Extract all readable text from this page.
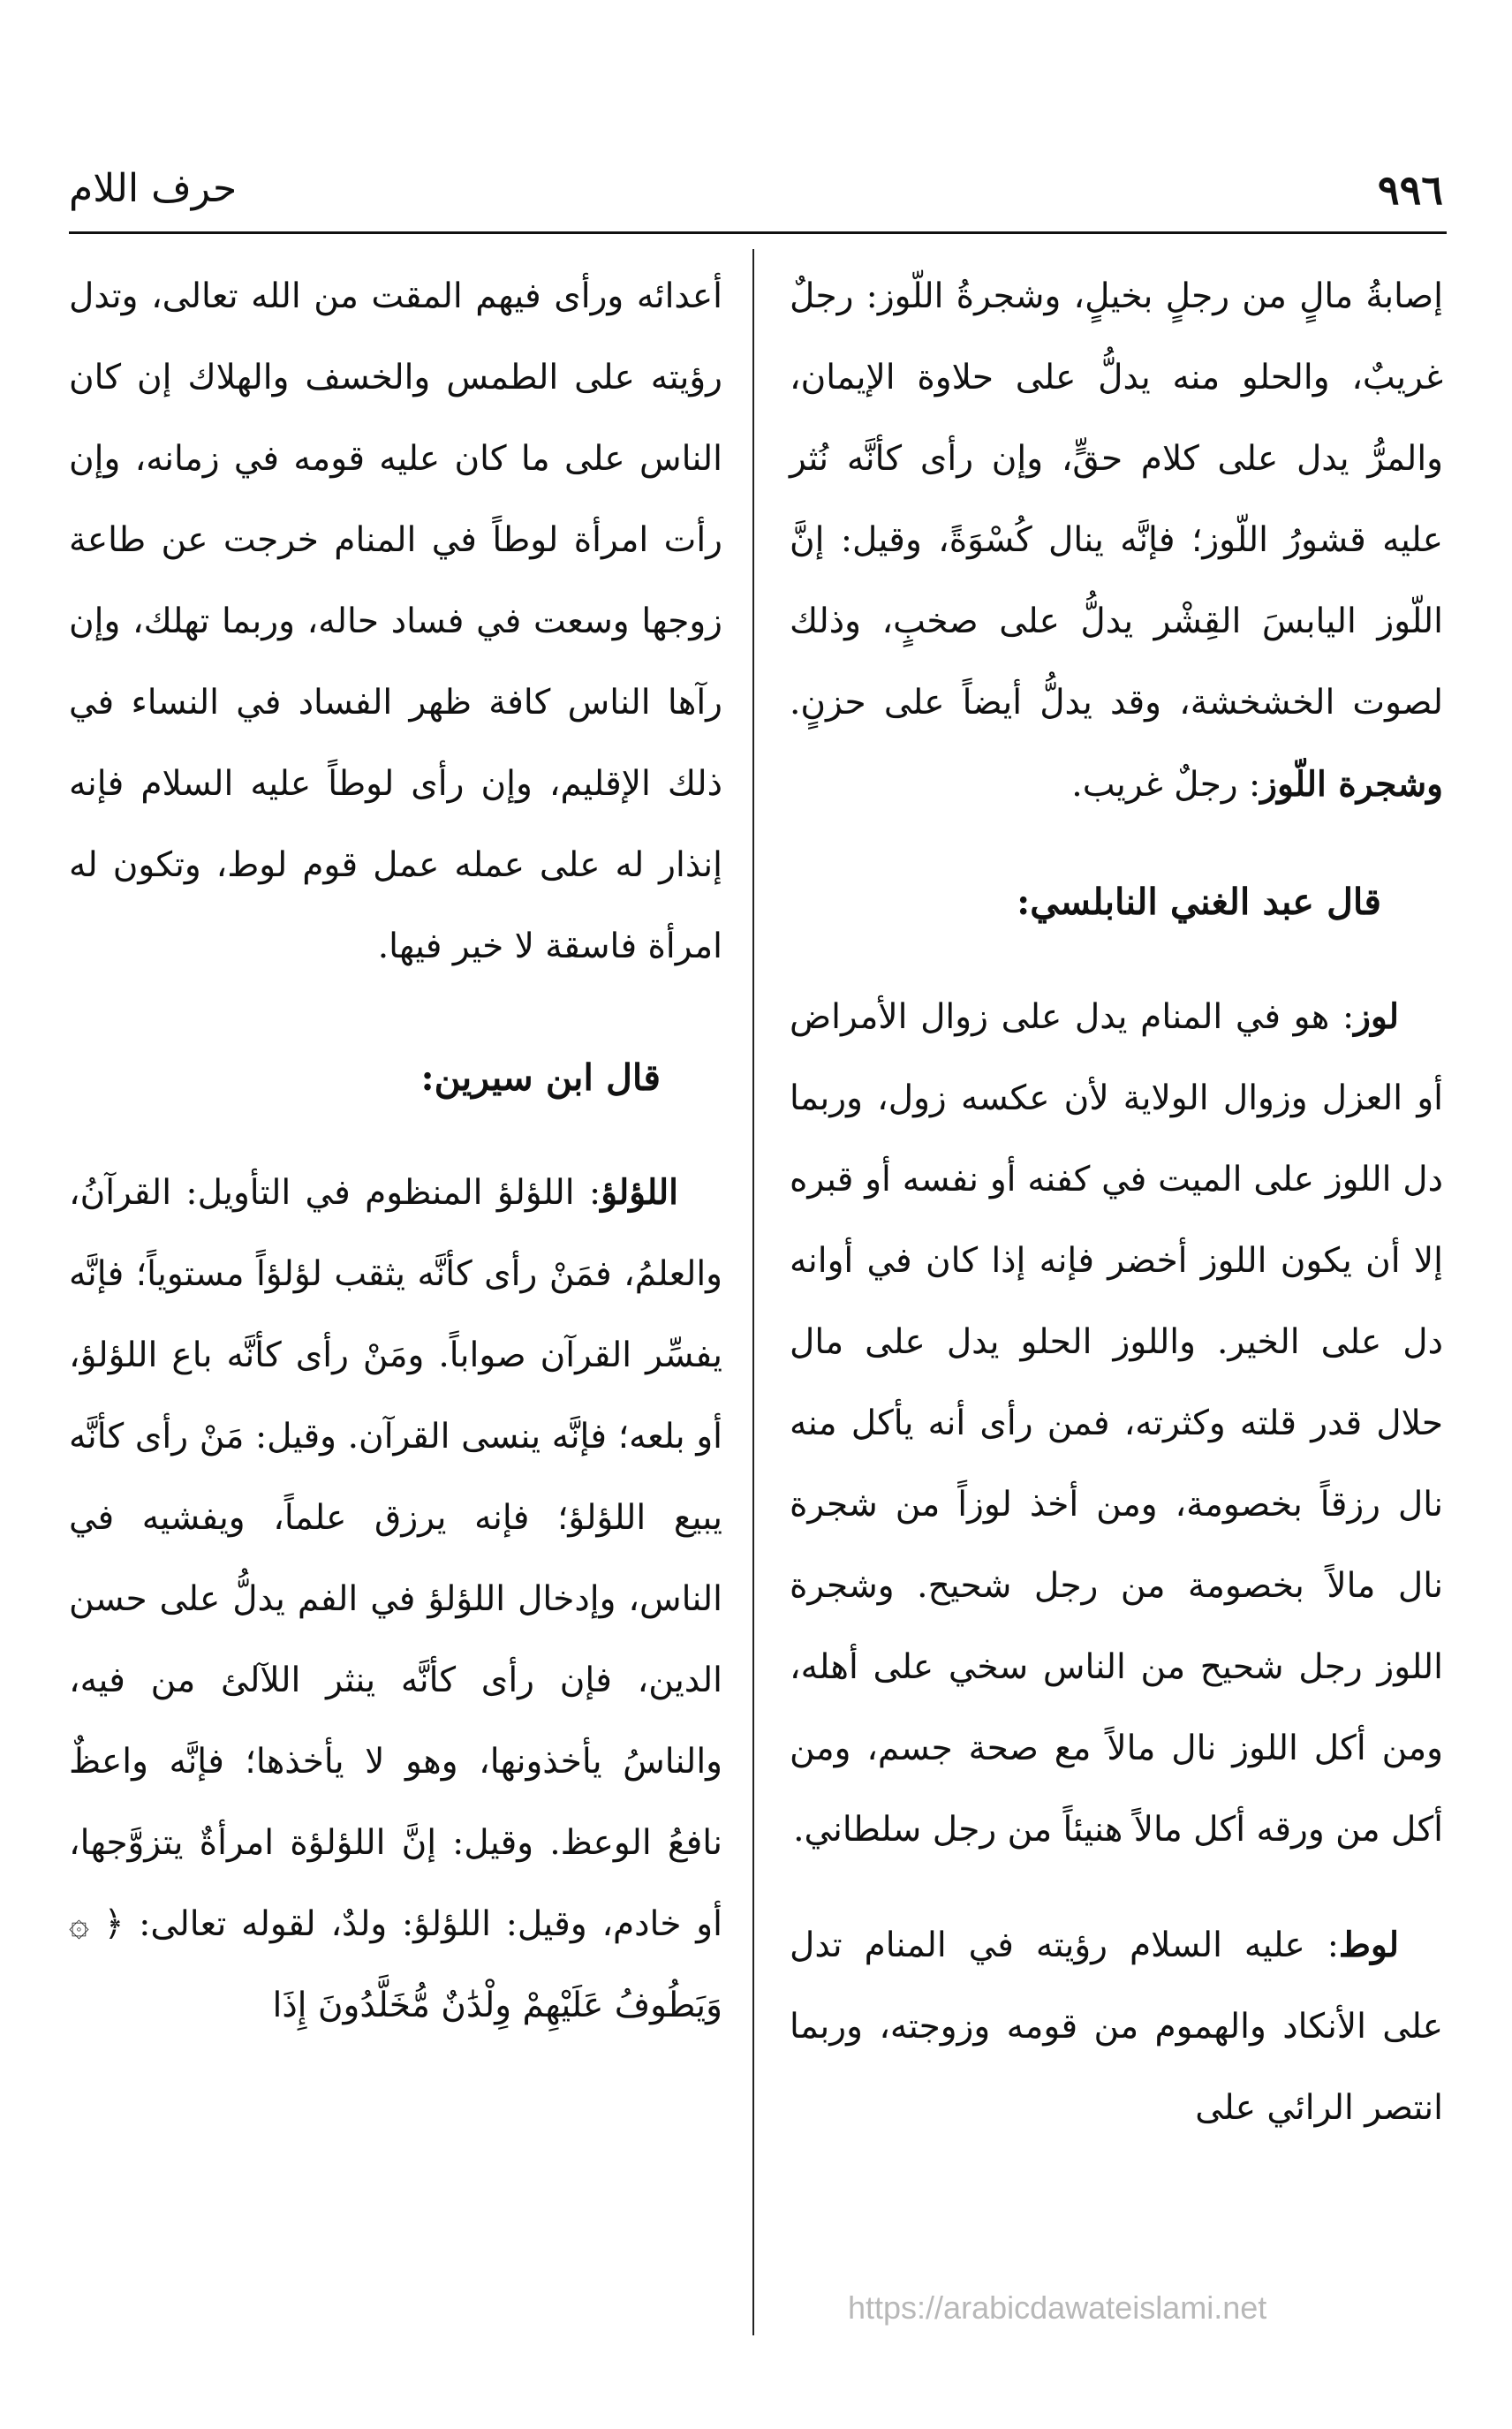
٩٩٦
حرف اللام

إصابةُ مالٍ من رجلٍ بخيلٍ، وشجرةُ اللّوز: رجلٌ غريبٌ، والحلو منه يدلُّ على حلاوة الإيمان، والمرُّ يدل على كلام حقٍّ، وإن رأى كأنَّه نُثر عليه قشورُ اللّوز؛ فإنَّه ينال كُسْوَةً، وقيل: إنَّ اللّوز اليابسَ القِشْر يدلُّ على صخبٍ، وذلك لصوت الخشخشة، وقد يدلُّ أيضاً على حزنٍ. وشجرة اللّوز: رجلٌ غريب.

قال عبد الغني النابلسي:

لوز: هو في المنام يدل على زوال الأمراض أو العزل وزوال الولاية لأن عكسه زول، وربما دل اللوز على الميت في كفنه أو نفسه أو قبره إلا أن يكون اللوز أخضر فإنه إذا كان في أوانه دل على الخير. واللوز الحلو يدل على مال حلال قدر قلته وكثرته، فمن رأى أنه يأكل منه نال رزقاً بخصومة، ومن أخذ لوزاً من شجرة نال مالاً بخصومة من رجل شحيح. وشجرة اللوز رجل شحيح من الناس سخي على أهله، ومن أكل اللوز نال مالاً مع صحة جسم، ومن أكل من ورقه أكل مالاً هنيئاً من رجل سلطاني.

لوط: عليه السلام رؤيته في المنام تدل على الأنكاد والهموم من قومه وزوجته، وربما انتصر الرائي على

أعدائه ورأى فيهم المقت من الله تعالى، وتدل رؤيته على الطمس والخسف والهلاك إن كان الناس على ما كان عليه قومه في زمانه، وإن رأت امرأة لوطاً في المنام خرجت عن طاعة زوجها وسعت في فساد حاله، وربما تهلك، وإن رآها الناس كافة ظهر الفساد في النساء في ذلك الإقليم، وإن رأى لوطاً عليه السلام فإنه إنذار له على عمله عمل قوم لوط، وتكون له امرأة فاسقة لا خير فيها.

قال ابن سيرين:

اللؤلؤ: اللؤلؤ المنظوم في التأويل: القرآنُ، والعلمُ، فمَنْ رأى كأنَّه يثقب لؤلؤاً مستوياً؛ فإنَّه يفسِّر القرآن صواباً. ومَنْ رأى كأنَّه باع اللؤلؤ، أو بلعه؛ فإنَّه ينسى القرآن. وقيل: مَنْ رأى كأنَّه يبيع اللؤلؤ؛ فإنه يرزق علماً، ويفشيه في الناس، وإدخال اللؤلؤ في الفم يدلُّ على حسن الدين، فإن رأى كأنَّه ينثر اللآلئ من فيه، والناسُ يأخذونها، وهو لا يأخذها؛ فإنَّه واعظٌ نافعُ الوعظ. وقيل: إنَّ اللؤلؤة امرأةٌ يتزوَّجها، أو خادم، وقيل: اللؤلؤ: ولدٌ، لقوله تعالى: ﴿ ۞ وَيَطُوفُ عَلَيْهِمْ وِلْدَٰنٌ مُّخَلَّدُونَ إِذَا

https://arabicdawateislami.net
